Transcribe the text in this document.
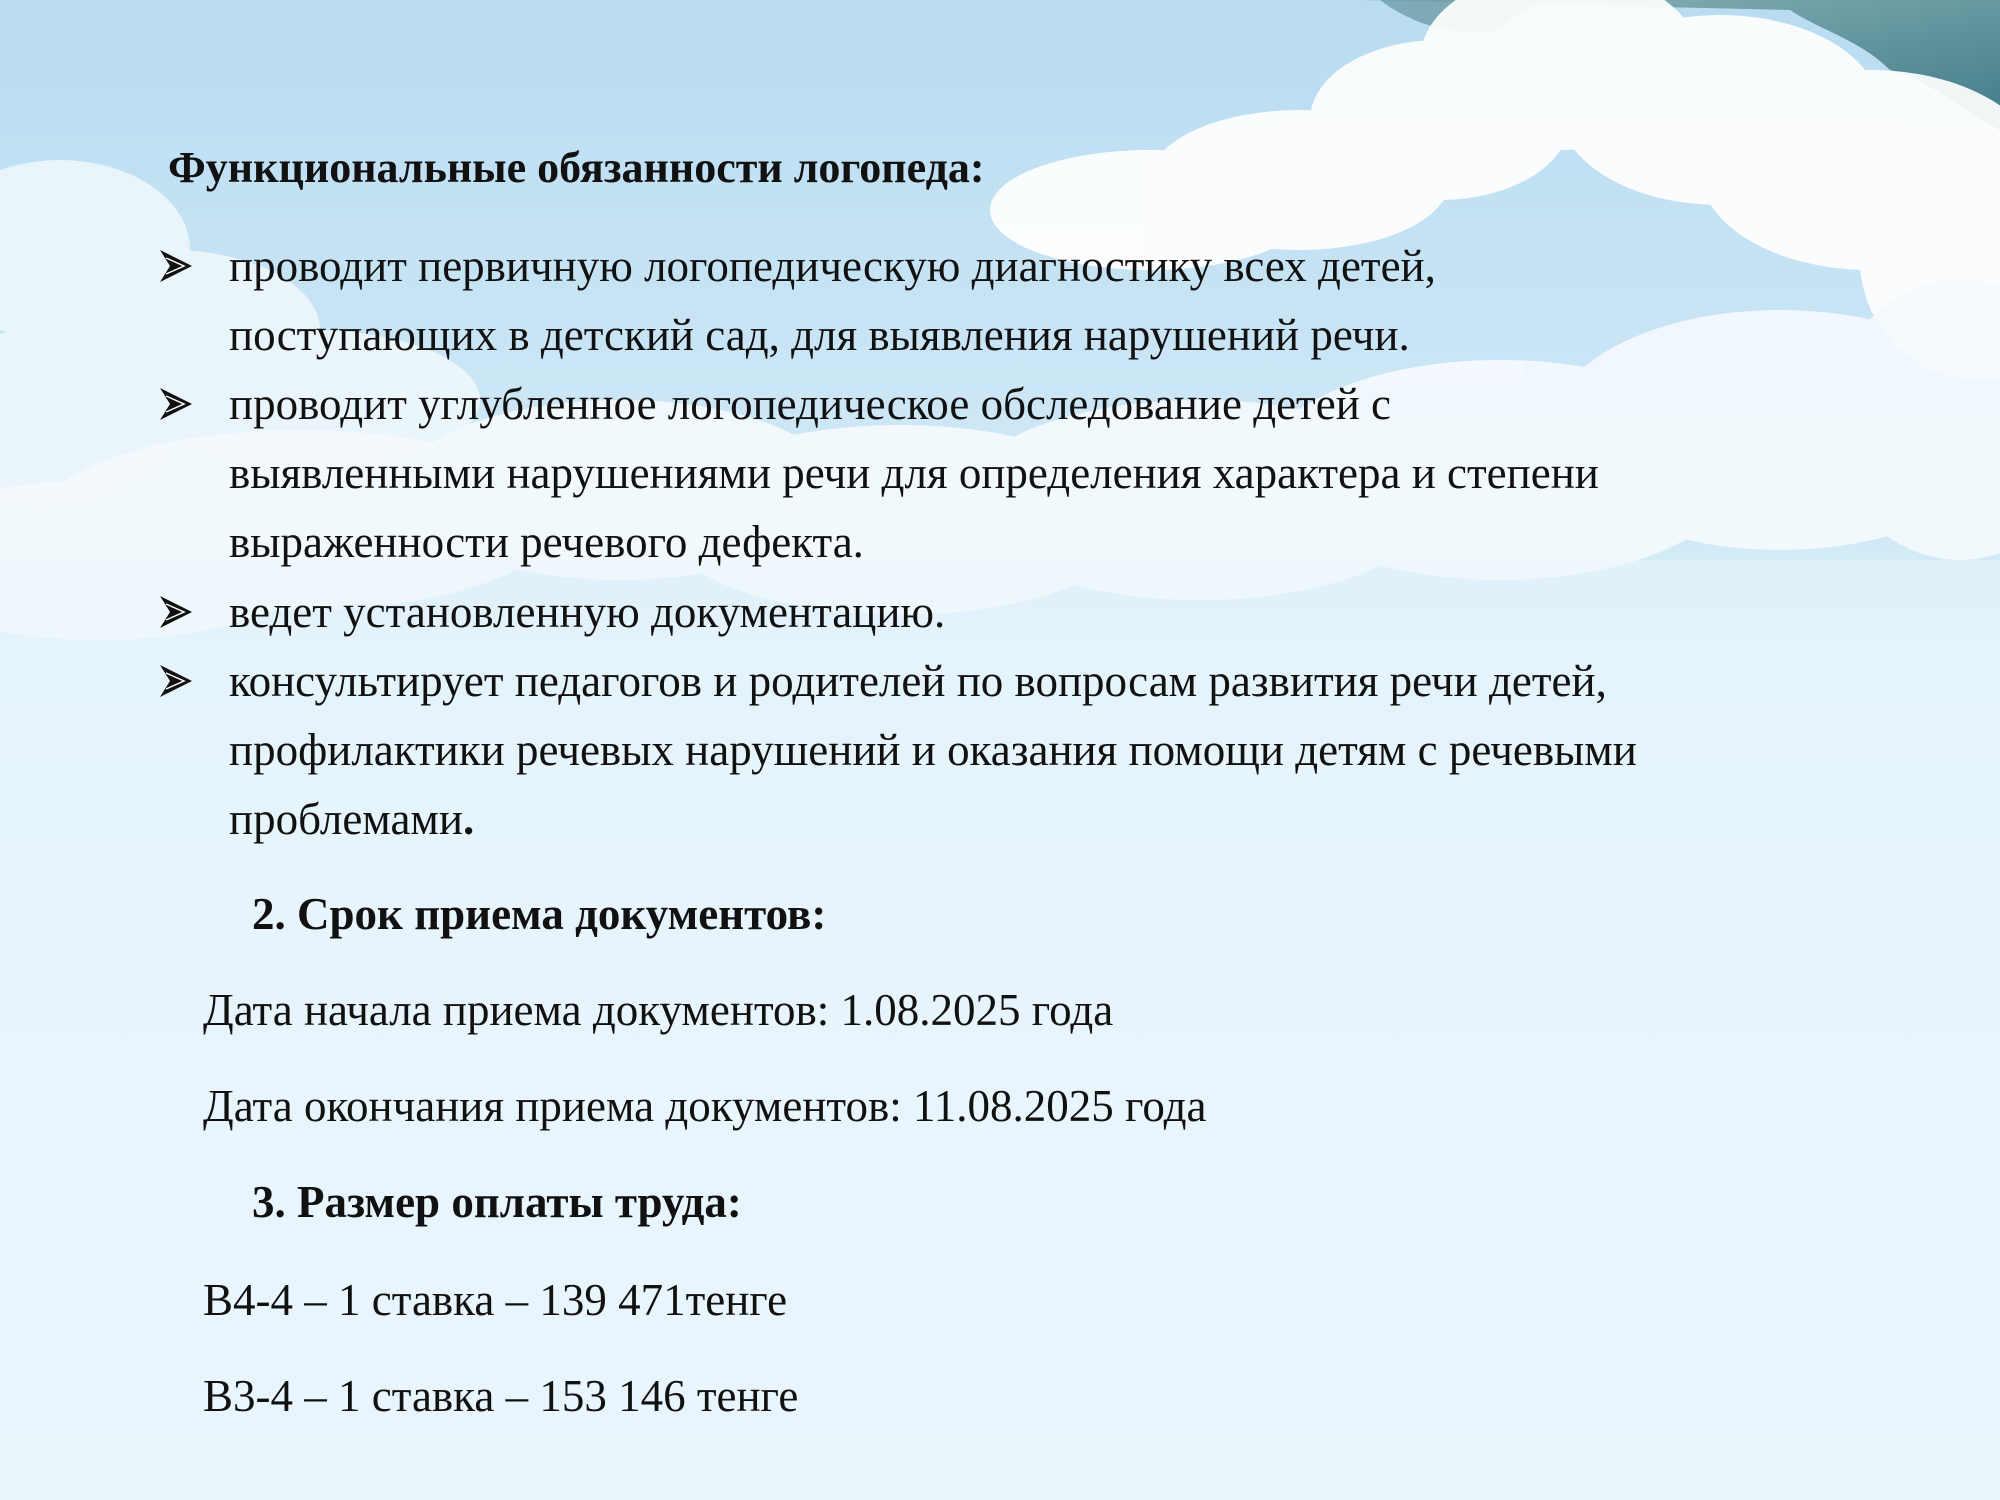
Функциональные обязанности логопеда:
проводит первичную логопедическую диагностику всех детей,
поступающих в детский сад, для выявления нарушений речи.
проводит углубленное логопедическое обследование детей с
выявленными нарушениями речи для определения характера и степени
выраженности речевого дефекта.
ведет установленную документацию.
консультирует педагогов и родителей по вопросам развития речи детей,
профилактики речевых нарушений и оказания помощи детям с речевыми
проблемами.
2. Срок приема документов:
Дата начала приема документов: 1.08.2025 года
Дата окончания приема документов: 11.08.2025 года
3. Размер оплаты труда:
В4-4 – 1 ставка – 139 471тенге
В3-4 – 1 ставка – 153 146 тенге
